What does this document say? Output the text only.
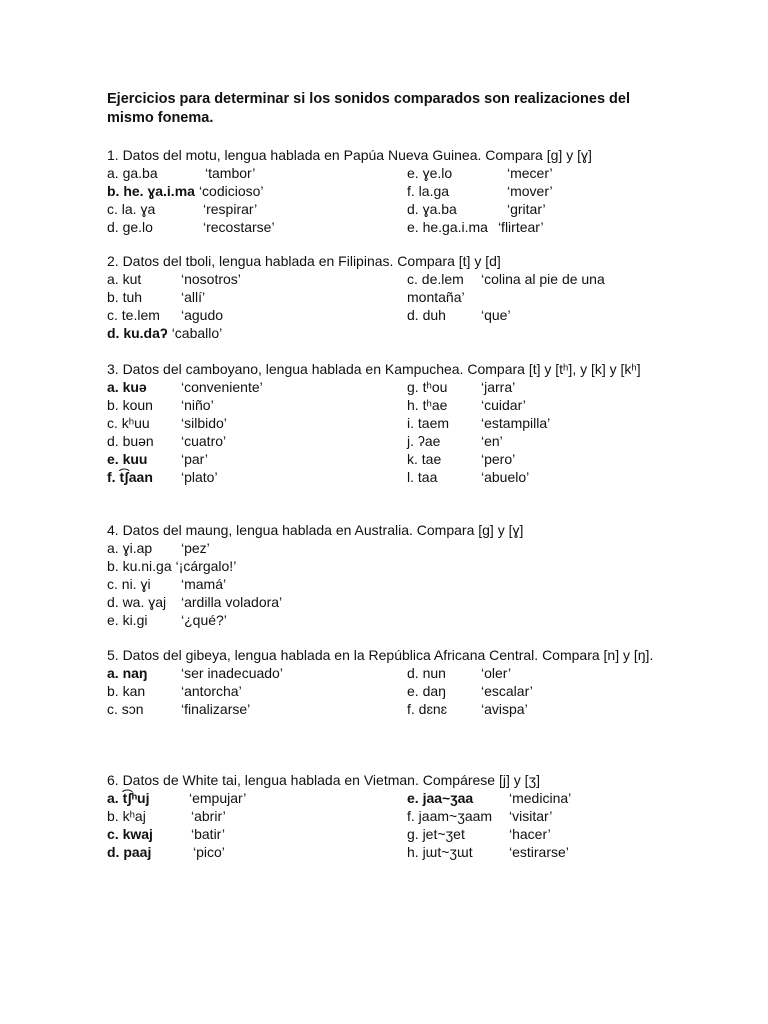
Ejercicios para determinar si los sonidos comparados son realizaciones del mismo fonema.
1. Datos del motu, lengua hablada en Papúa Nueva Guinea. Compara [g] y [ɣ]
a. ga.ba	‘tambor’	e. ɣe.lo	‘mecer’
b. he. ɣa.i.ma ‘codicioso’	f. la.ga	‘mover’
c. la. ɣa	‘respirar’	d. ɣa.ba	‘gritar’
d. ge.lo	‘recostarse’	e. he.ga.i.ma ‘flirtear’
2. Datos del tboli, lengua hablada en Filipinas. Compara [t] y [d]
a. kut	‘nosotros’	c. de.lem ‘colina al pie de una
b. tuh	‘allí’	montaña’
c. te.lem ‘agudo	d. duh	‘que’
d. ku.daʔ ‘caballo’
3. Datos del camboyano, lengua hablada en Kampuchea. Compara [t] y [tʰ], y [k] y [kʰ]
a. kuə ‘conveniente’	g. tʰou ‘jarra’
b. koun ‘niño’	h. tʰae ‘cuidar’
c. kʰuu ‘silbido’	i. taem ‘estampilla’
d. buən ‘cuatro’	j. ʔae	‘en’
e. kuu ‘par’	k. tae	‘pero’
f. t͡ʃaan ‘plato’	l. taa	‘abuelo’
4. Datos del maung, lengua hablada en Australia. Compara [g] y [ɣ]
a. ɣi.ap ‘pez’
b. ku.ni.ga ‘¡cárgalo!’
c. ni. ɣi ‘mamá’
d. wa. ɣaj ‘ardilla voladora’
e. ki.gi ‘¿qué?’
5. Datos del gibeya, lengua hablada en la República Africana Central. Compara [n] y [ŋ].
a. naŋ ‘ser inadecuado’	d. nun	‘oler’
b. kan	‘antorcha’	e. daŋ	‘escalar’
c. sɔn	‘finalizarse’	f. dɛnɛ ‘avispa’
6. Datos de White tai, lengua hablada en Vietman. Compárese [j] y [ʒ]
a. t͡ʃʰuj	‘empujar’	e. jaa~ʒaa	‘medicina’
b. kʰaj	‘abrir’	f. jaam~ʒaam ‘visitar’
c. kwaj	‘batir’	g. jet~ʒet	‘hacer’
d. paaj	‘pico’	h. jɯt~ʒɯt	‘estirarse’
